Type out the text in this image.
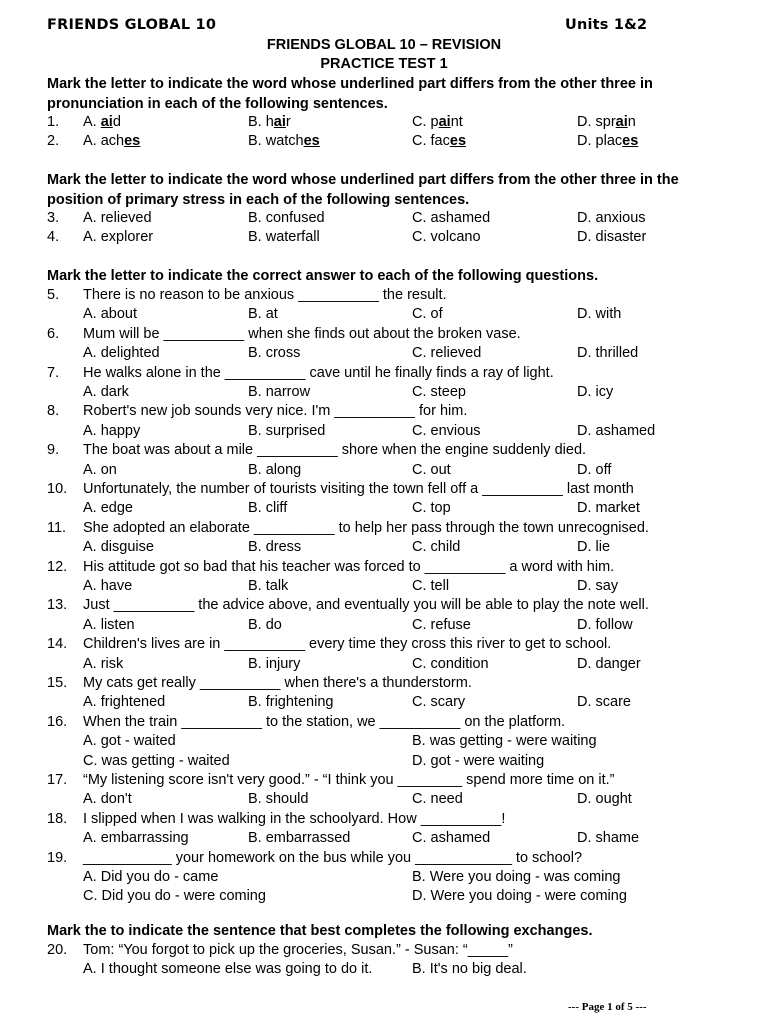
FRIENDS GLOBAL 10	Units 1&2
FRIENDS GLOBAL 10 – REVISION
PRACTICE TEST 1
Mark the letter to indicate the word whose underlined part differs from the other three in pronunciation in each of the following sentences.
Mark the letter to indicate the word whose underlined part differs from the other three in the position of primary stress in each of the following sentences.
Mark the letter to indicate the correct answer to each of the following questions.
Mark the to indicate the sentence that best completes the following exchanges.
1. A. aid	B. hair	C. paint	D. sprain
2. A. aches	B. watches	C. faces	D. places
3. A. relieved	B. confused	C. ashamed	D. anxious
4. A. explorer	B. waterfall	C. volcano	D. disaster
5. There is no reason to be anxious __________ the result.
A. about	B. at	C. of	D. with
6. Mum will be __________ when she finds out about the broken vase.
A. delighted	B. cross	C. relieved	D. thrilled
7. He walks alone in the __________ cave until he finally finds a ray of light.
A. dark	B. narrow	C. steep	D. icy
8. Robert's new job sounds very nice. I'm __________ for him.
A. happy	B. surprised	C. envious	D. ashamed
9. The boat was about a mile __________ shore when the engine suddenly died.
A. on	B. along	C. out	D. off
10. Unfortunately, the number of tourists visiting the town fell off a __________ last month
A. edge	B. cliff	C. top	D. market
11. She adopted an elaborate __________ to help her pass through the town unrecognised.
A. disguise	B. dress	C. child	D. lie
12. His attitude got so bad that his teacher was forced to __________ a word with him.
A. have	B. talk	C. tell	D. say
13. Just __________ the advice above, and eventually you will be able to play the note well.
A. listen	B. do	C. refuse	D. follow
14. Children's lives are in __________ every time they cross this river to get to school.
A. risk	B. injury	C. condition	D. danger
15. My cats get really __________ when there's a thunderstorm.
A. frightened	B. frightening	C. scary	D. scare
16. When the train __________ to the station, we __________ on the platform.
A. got - waited	B. was getting - were waiting
C. was getting - waited	D. got - were waiting
17. “My listening score isn't very good.” - “I think you ________ spend more time on it.”
A. don't	B. should	C. need	D. ought
18. I slipped when I was walking in the schoolyard. How __________!
A. embarrassing	B. embarrassed	C. ashamed	D. shame
19. ___________ your homework on the bus while you ____________ to school?
A. Did you do - came	B. Were you doing - was coming
C. Did you do - were coming	D. Were you doing - were coming
20. Tom: “You forgot to pick up the groceries, Susan.” - Susan: “_____”
A. I thought someone else was going to do it.	B. It's no big deal.
--- Page 1 of 5 ---
